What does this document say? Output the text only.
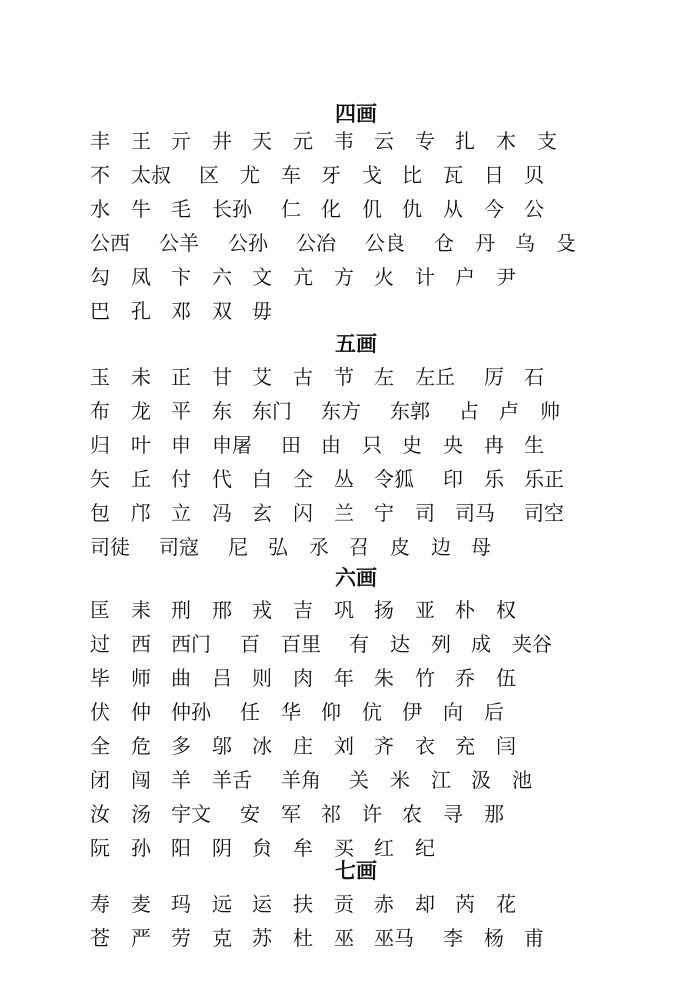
四画
丰 王 亓 井 天 元 韦 云 专 扎 木 支
不 太叔 区 尤 车 牙 戈 比 瓦 日 贝
水 牛 毛 长孙 仁 化 仉 仇 从 今 公
公西 公羊 公孙 公冶 公良 仓 丹 乌 殳
勾 凤 卞 六 文 亢 方 火 计 户 尹
巴 孔 邓 双 毋
五画
玉 未 正 甘 艾 古 节 左 左丘 厉 石
布 龙 平 东 东门 东方 东郭 占 卢 帅
归 叶 申 申屠 田 由 只 史 央 冉 生
矢 丘 付 代 白 仝 丛 令狐 印 乐 乐正
包 邝 立 冯 玄 闪 兰 宁 司 司马 司空
司徒 司寇 尼 弘 氶 召 皮 边 母
六画
匡 耒 刑 邢 戎 吉 巩 扬 亚 朴 权
过 西 西门 百 百里 有 达 列 成 夹谷
毕 师 曲 吕 则 肉 年 朱 竹 乔 伍
伏 仲 仲孙 任 华 仰 伉 伊 向 后
全 危 多 邬 冰 庄 刘 齐 衣 充 闫
闭 闯 羊 羊舌 羊角 关 米 江 汲 池
汝 汤 宇文 安 军 祁 许 农 寻 那
阮 孙 阳 阴 贠 牟 买 红 纪
七画
寿 麦 玛 远 运 扶 贡 赤 却 芮 花
苍 严 劳 克 苏 杜 巫 巫马 李 杨 甫
